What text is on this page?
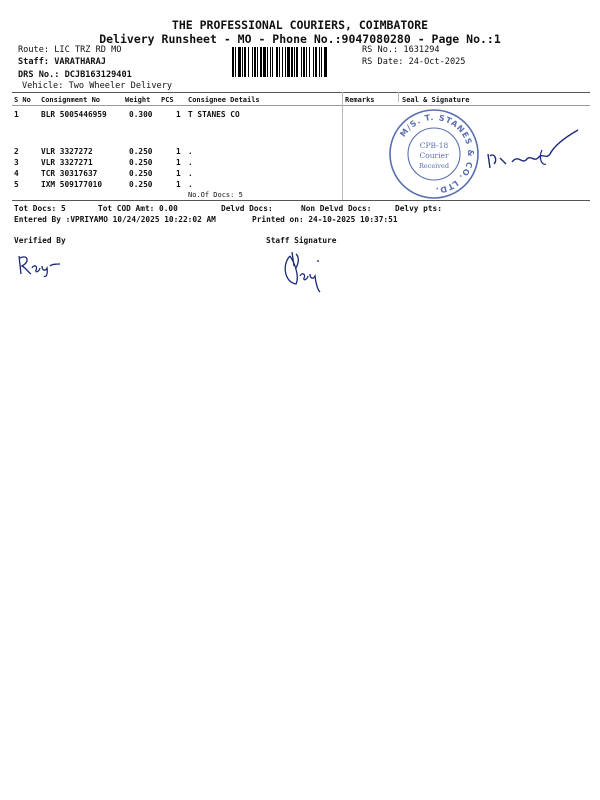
THE PROFESSIONAL COURIERS, COIMBATORE
Delivery Runsheet - MO - Phone No.:9047080280 - Page No.:1
Route: LIC TRZ RD MO
Staff: VARATHARAJ
DRS No.: DCJB163129401
Vehicle: Two Wheeler Delivery
RS No.: 1631294
RS Date: 24-Oct-2025
S No Consignment No	Weight PCS Consignee Details	Remarks	Seal & Signature
1	BLR 5005446959	0.300	1 T STANES CO
2	VLR 3327272	0.250	1 .
3	VLR 3327271	0.250	1 .
4	TCR 30317637	0.250	1 .
5	IXM 509177010	0.250	1 .
No.Of Docs: 5
M/S. T. STANES & CO. LTD.
CPB-18
Courier
Received
Tot Docs: 5	Tot COD Amt: 0.00	Delvd Docs:	Non Delvd Docs:	Delvy pts:
Entered By :VPRIYAMO 10/24/2025 10:22:02 AM	Printed on: 24-10-2025 10:37:51
Verified By	Staff Signature
